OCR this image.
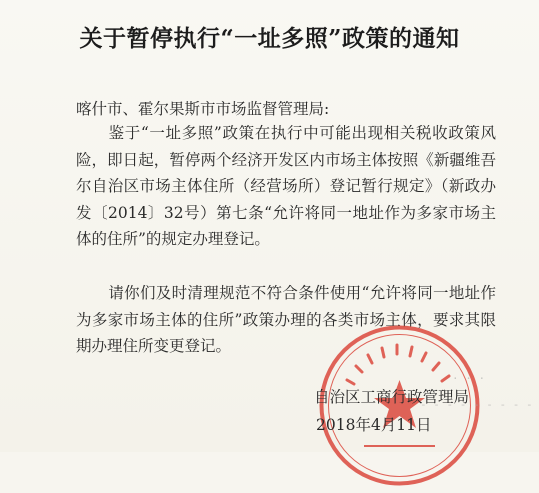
关于暂停执行“一址多照”政策的通知
喀什市、霍尔果斯市市场监督管理局:
鉴于“一址多照”政策在执行中可能出现相关税收政策风险，即日起，暂停两个经济开发区内市场主体按照《新疆维吾尔自治区市场主体住所（经营场所）登记暂行规定》（新政办发〔2014〕32号）第七条“允许将同一地址作为多家市场主体的住所”的规定办理登记。
请你们及时清理规范不符合条件使用“允许将同一地址作为多家市场主体的住所”政策办理的各类市场主体，要求其限期办理住所变更登记。
· · ·
- - - - - - - - -
自治区工商行政管理局
2018年4月11日
